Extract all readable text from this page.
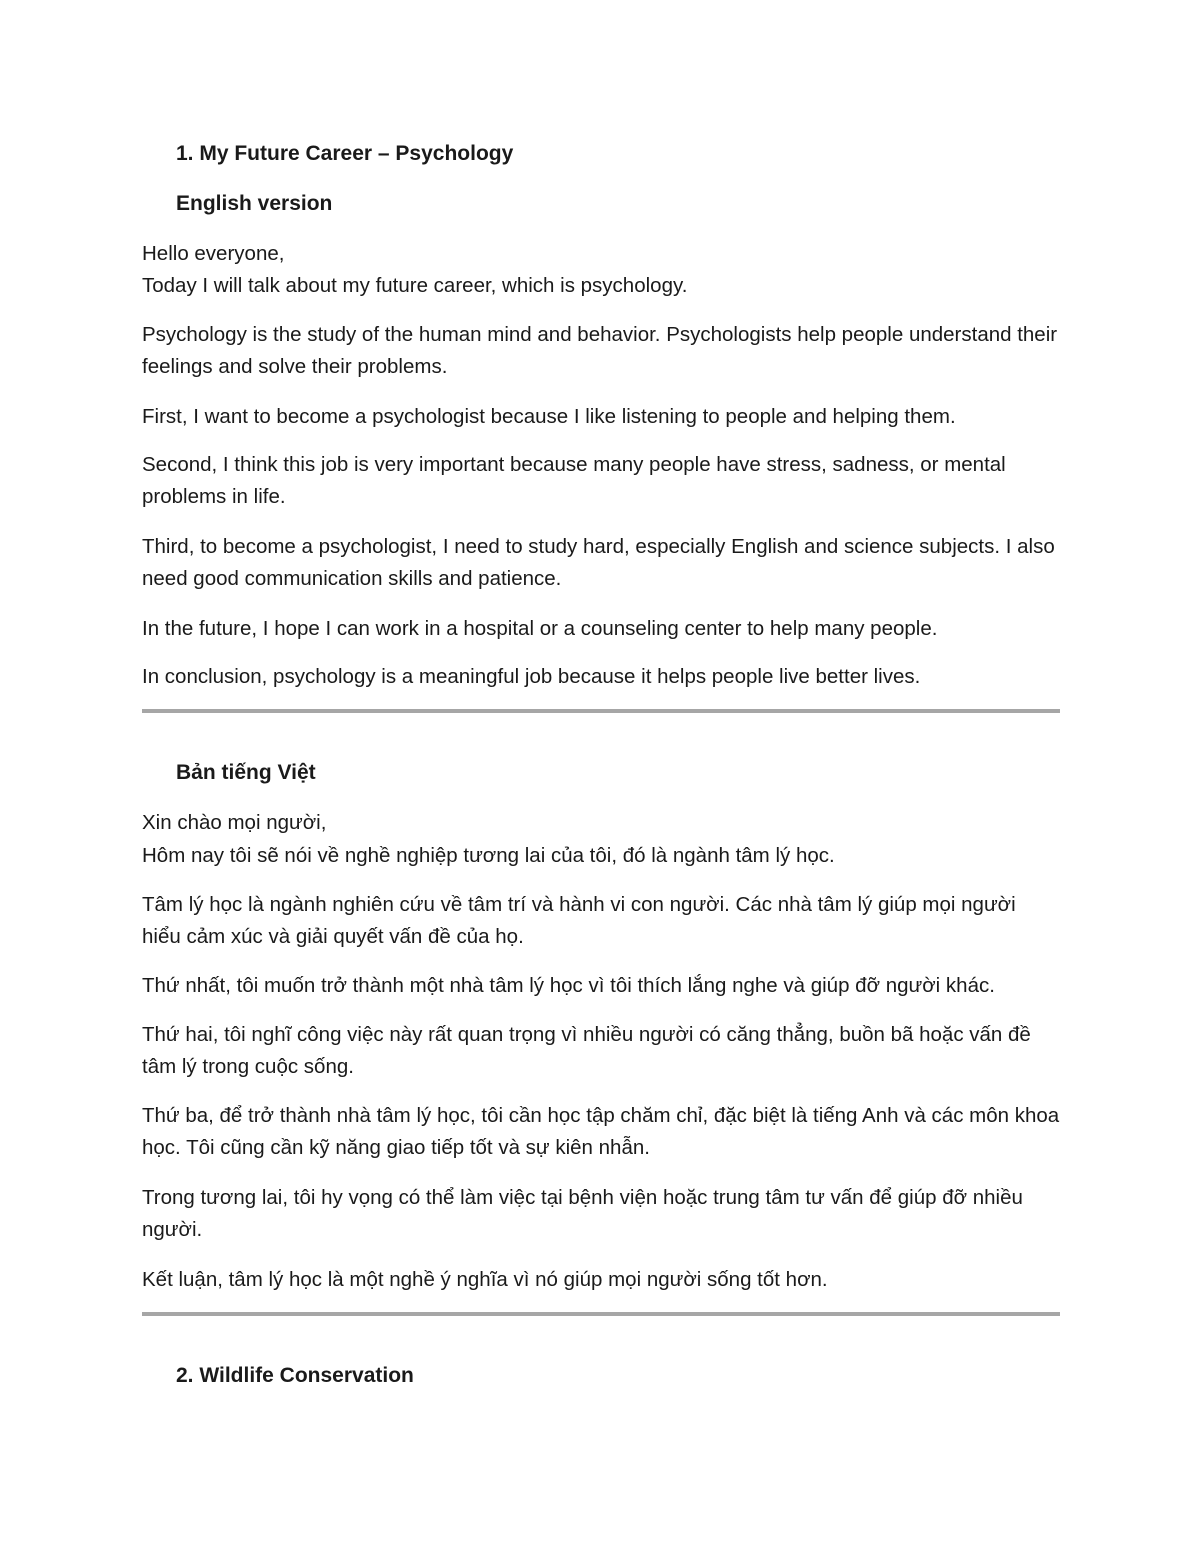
1. My Future Career – Psychology
English version

Hello everyone,

Today I will talk about my future career, which is psychology.

Psychology is the study of the human mind and behavior. Psychologists help people understand their feelings and solve their problems.

First, I want to become a psychologist because I like listening to people and helping them.

Second, I think this job is very important because many people have stress, sadness, or mental problems in life.

Third, to become a psychologist, I need to study hard, especially English and science subjects. I also need good communication skills and patience.

In the future, I hope I can work in a hospital or a counseling center to help many people.

In conclusion, psychology is a meaningful job because it helps people live better lives.

Bản tiếng Việt

Xin chào mọi người,

Hôm nay tôi sẽ nói về nghề nghiệp tương lai của tôi, đó là ngành tâm lý học.

Tâm lý học là ngành nghiên cứu về tâm trí và hành vi con người. Các nhà tâm lý giúp mọi người hiểu cảm xúc và giải quyết vấn đề của họ.

Thứ nhất, tôi muốn trở thành một nhà tâm lý học vì tôi thích lắng nghe và giúp đỡ người khác.

Thứ hai, tôi nghĩ công việc này rất quan trọng vì nhiều người có căng thẳng, buồn bã hoặc vấn đề tâm lý trong cuộc sống.

Thứ ba, để trở thành nhà tâm lý học, tôi cần học tập chăm chỉ, đặc biệt là tiếng Anh và các môn khoa học. Tôi cũng cần kỹ năng giao tiếp tốt và sự kiên nhẫn.

Trong tương lai, tôi hy vọng có thể làm việc tại bệnh viện hoặc trung tâm tư vấn để giúp đỡ nhiều người.

Kết luận, tâm lý học là một nghề ý nghĩa vì nó giúp mọi người sống tốt hơn.

2. Wildlife Conservation
